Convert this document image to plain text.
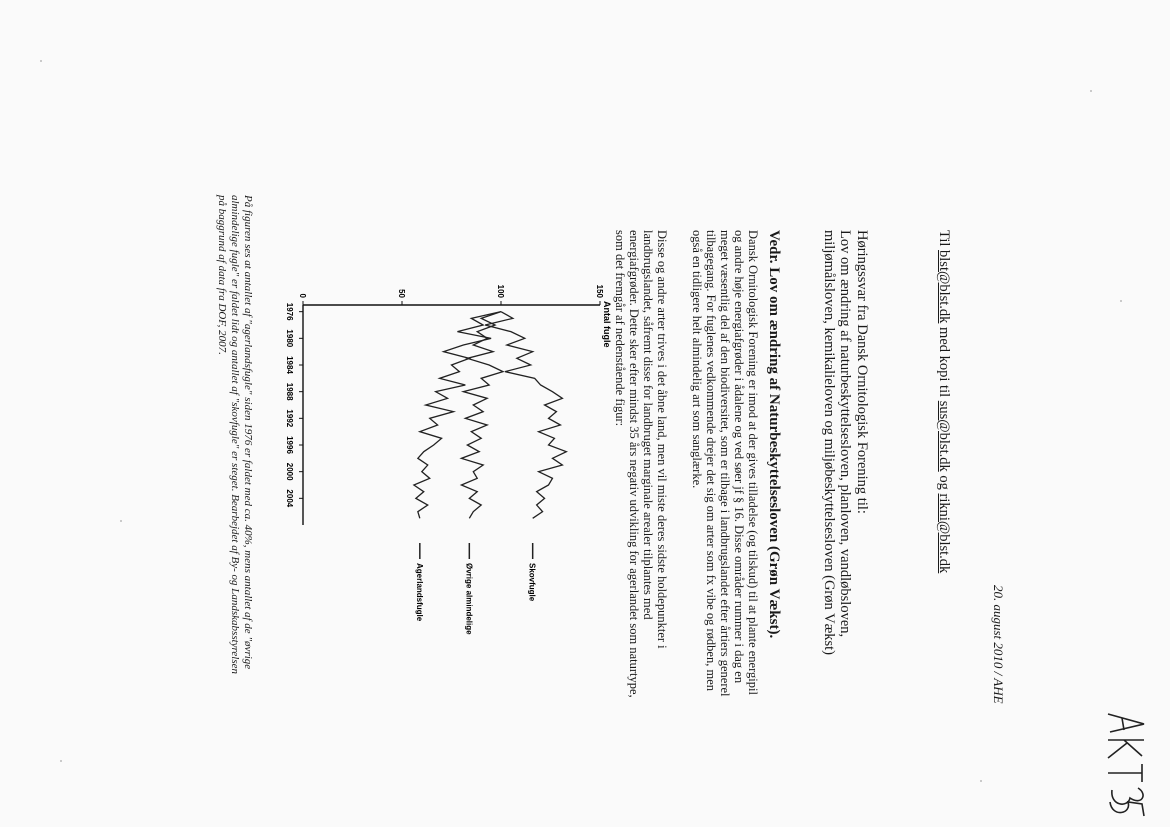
20. august 2010 / AHE
Til blst@blst.dk med kopi til sus@blst.dk og rikni@blst.dk
Høringssvar fra Dansk Ornitologisk Forening til:
Lov om ændring af naturbeskyttelsesloven, planloven, vandløbsloven,
miljømålsloven, kemikalieloven og miljøbeskyttelsesloven (Grøn Vækst)
Vedr. Lov om ændring af Naturbeskyttelsesloven (Grøn Vækst).
Dansk Ornitologisk Forening er imod at der gives tilladelse (og tilskud) til at plante energipil
og andre høje energiafgrøder i ådalene og ved søer jf § 16. Disse områder rummer i dag en
meget væsentlig del af den biodiversitet, som er tilbage i landbrugslandet efter årtiers generel
tilbagegang. For fuglenes vedkommende drejer det sig om arter som fx vibe og rødben, men
også en tidligere helt almindelig art som sanglærke.
Disse og andre arter trives i det åbne land, men vil miste deres sidste holdepunkter i
landbrugslandet, såfremt disse for landbruget marginale arealer tilplantes med
energiafgrøder. Dette sker efter mindst 35 års negativ udvikling for agerlandet som naturtype,
som det fremgår af nedenstående figur:
Antal fugle
0	50	100	150
1976
1980
1984
1988
1992
1996
2000
2004
Skovfugle
Øvrige almindelige
Agerlandsfugle
På figuren ses at antallet af "agerlandsfugle" siden 1976 er faldet med ca. 40%, mens antallet af de "øvrige
almindelige fugle" er faldet lidt og antallet af "skovfugle" er steget. Bearbejdet af By- og Landskabsstyrelsen
på baggrund af data fra DOF, 2007.
